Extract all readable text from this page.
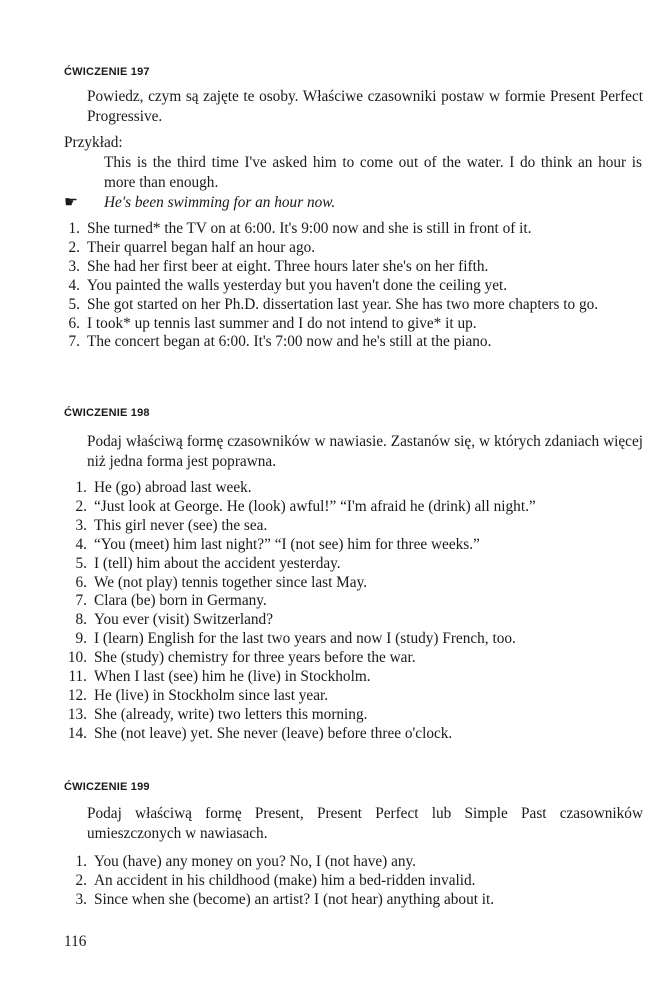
ĆWICZENIE 197
Powiedz, czym są zajęte te osoby. Właściwe czasowniki postaw w formie Present Perfect Progressive.
Przykład:
This is the third time I've asked him to come out of the water. I do think an hour is more than enough.
☛ He's been swimming for an hour now.
1. She turned* the TV on at 6:00. It's 9:00 now and she is still in front of it.
2. Their quarrel began half an hour ago.
3. She had her first beer at eight. Three hours later she's on her fifth.
4. You painted the walls yesterday but you haven't done the ceiling yet.
5. She got started on her Ph.D. dissertation last year. She has two more chapters to go.
6. I took* up tennis last summer and I do not intend to give* it up.
7. The concert began at 6:00. It's 7:00 now and he's still at the piano.
ĆWICZENIE 198
Podaj właściwą formę czasowników w nawiasie. Zastanów się, w których zdaniach więcej niż jedna forma jest poprawna.
1. He (go) abroad last week.
2. “Just look at George. He (look) awful!” “I'm afraid he (drink) all night.”
3. This girl never (see) the sea.
4. “You (meet) him last night?” “I (not see) him for three weeks.”
5. I (tell) him about the accident yesterday.
6. We (not play) tennis together since last May.
7. Clara (be) born in Germany.
8. You ever (visit) Switzerland?
9. I (learn) English for the last two years and now I (study) French, too.
10. She (study) chemistry for three years before the war.
11. When I last (see) him he (live) in Stockholm.
12. He (live) in Stockholm since last year.
13. She (already, write) two letters this morning.
14. She (not leave) yet. She never (leave) before three o'clock.
ĆWICZENIE 199
Podaj właściwą formę Present, Present Perfect lub Simple Past czasowników umieszczonych w nawiasach.
1. You (have) any money on you? No, I (not have) any.
2. An accident in his childhood (make) him a bed-ridden invalid.
3. Since when she (become) an artist? I (not hear) anything about it.
116
